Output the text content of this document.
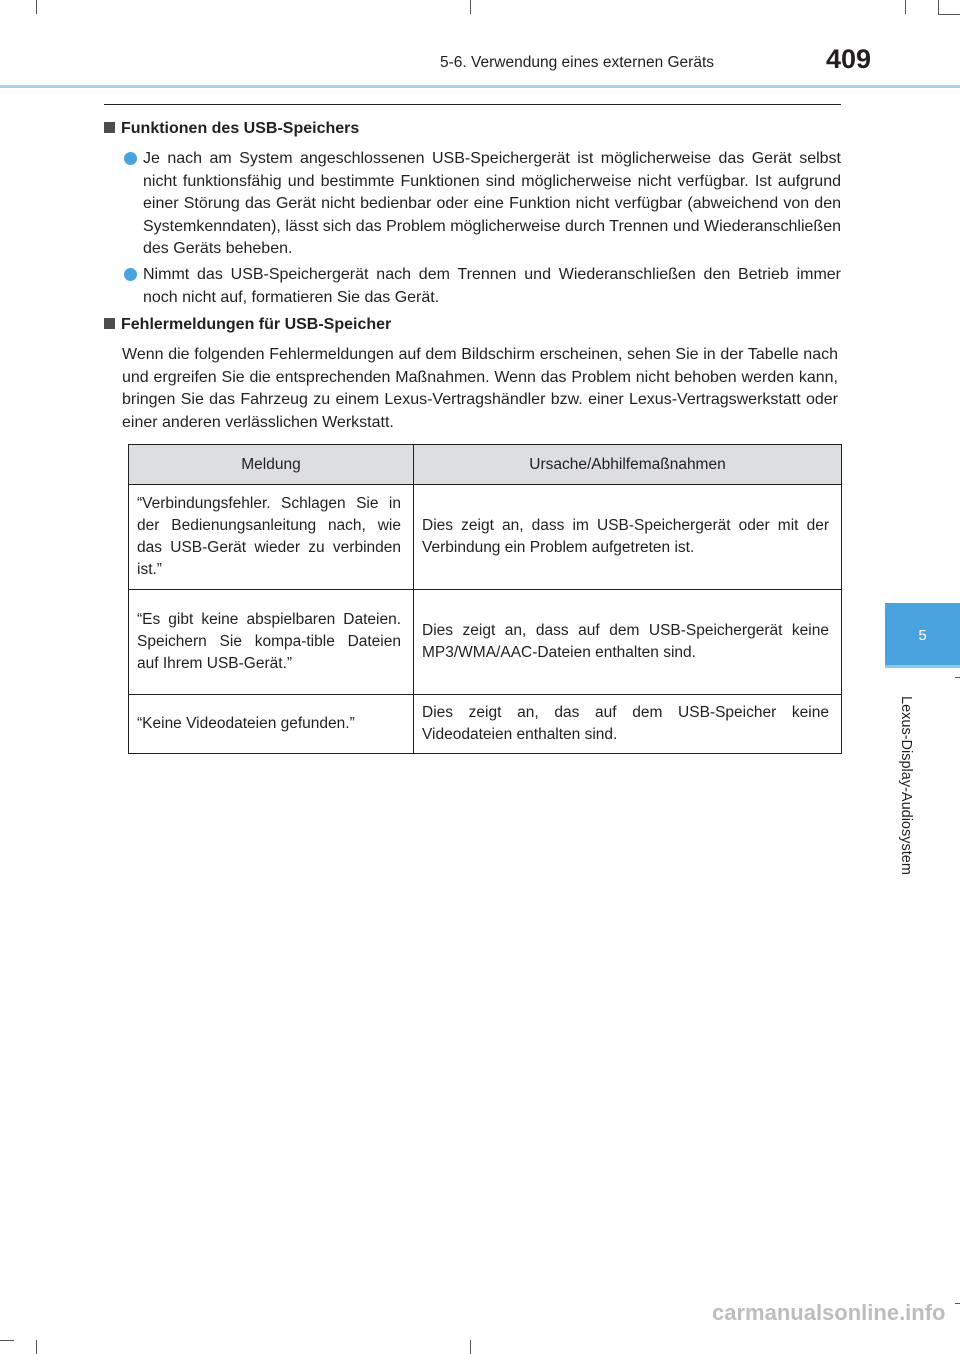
5-6. Verwendung eines externen Geräts	409
5
Lexus-Display-Audiosystem
Funktionen des USB-Speichers
Je nach am System angeschlossenen USB-Speichergerät ist möglicherweise das Gerät selbst nicht funktionsfähig und bestimmte Funktionen sind möglicherweise nicht verfügbar. Ist aufgrund einer Störung das Gerät nicht bedienbar oder eine Funktion nicht verfügbar (abweichend von den Systemkenndaten), lässt sich das Problem möglicherweise durch Trennen und Wiederanschließen des Geräts beheben.
Nimmt das USB-Speichergerät nach dem Trennen und Wiederanschließen den Betrieb immer noch nicht auf, formatieren Sie das Gerät.
Fehlermeldungen für USB-Speicher
Wenn die folgenden Fehlermeldungen auf dem Bildschirm erscheinen, sehen Sie in der Tabelle nach und ergreifen Sie die entsprechenden Maßnahmen. Wenn das Problem nicht behoben werden kann, bringen Sie das Fahrzeug zu einem Lexus-Vertragshändler bzw. einer Lexus-Vertragswerkstatt oder einer anderen verlässlichen Werkstatt.
Meldung	Ursache/Abhilfemaßnahmen
“Verbindungsfehler. Schlagen Sie in der Bedienungsanleitung nach, wie das USB-Gerät wieder zu verbinden ist.”	Dies zeigt an, dass im USB-Speichergerät oder mit der Verbindung ein Problem aufgetreten ist.
“Es gibt keine abspielbaren Dateien. Speichern Sie kompa-tible Dateien auf Ihrem USB-Gerät.”	Dies zeigt an, dass auf dem USB-Speichergerät keine MP3/WMA/AAC-Dateien enthalten sind.
“Keine Videodateien gefunden.”	Dies zeigt an, das auf dem USB-Speicher keine Videodateien enthalten sind.
carmanualsonline.info
